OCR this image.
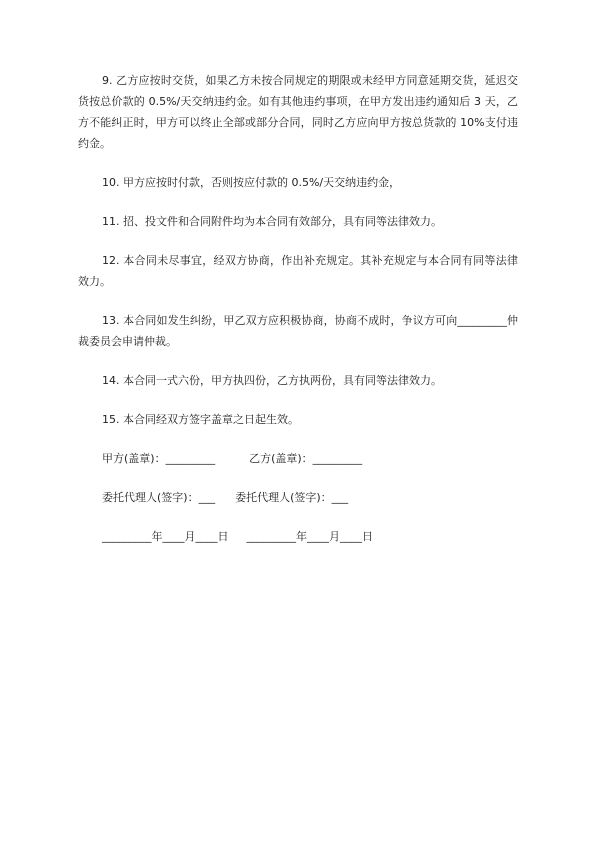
9. 乙方应按时交货，如果乙方未按合同规定的期限或未经甲方同意延期交货，延迟交货按总价款的 0.5%/天交纳违约金。如有其他违约事项，在甲方发出违约通知后 3 天，乙方不能纠正时，甲方可以终止全部或部分合同，同时乙方应向甲方按总货款的 10%支付违约金。

10. 甲方应按时付款，否则按应付款的 0.5%/天交纳违约金，

11. 招、投文件和合同附件均为本合同有效部分，具有同等法律效力。

12. 本合同未尽事宜，经双方协商，作出补充规定。其补充规定与本合同有同等法律效力。

13. 本合同如发生纠纷，甲乙双方应积极协商，协商不成时，争议方可向_________仲裁委员会申请仲裁。

14. 本合同一式六份，甲方执四份，乙方执两份，具有同等法律效力。

15. 本合同经双方签字盖章之日起生效。

甲方(盖章)：_________	乙方(盖章)：_________

委托代理人(签字)：___ 委托代理人(签字)：___

_________年____月____日 _________年____月____日
